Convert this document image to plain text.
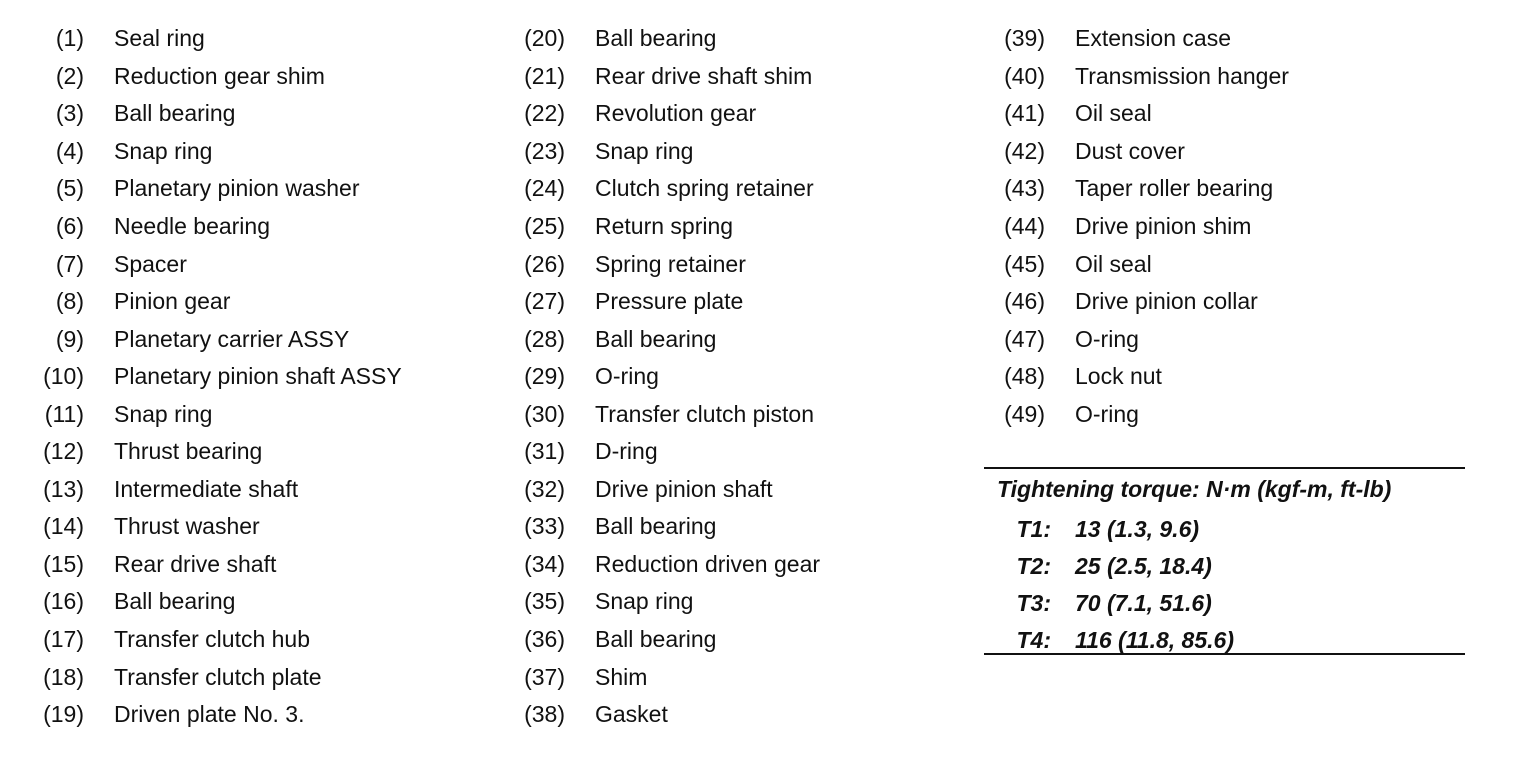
(1) Seal ring
(2) Reduction gear shim
(3) Ball bearing
(4) Snap ring
(5) Planetary pinion washer
(6) Needle bearing
(7) Spacer
(8) Pinion gear
(9) Planetary carrier ASSY
(10) Planetary pinion shaft ASSY
(11) Snap ring
(12) Thrust bearing
(13) Intermediate shaft
(14) Thrust washer
(15) Rear drive shaft
(16) Ball bearing
(17) Transfer clutch hub
(18) Transfer clutch plate
(19) Driven plate No. 3.
(20) Ball bearing
(21) Rear drive shaft shim
(22) Revolution gear
(23) Snap ring
(24) Clutch spring retainer
(25) Return spring
(26) Spring retainer
(27) Pressure plate
(28) Ball bearing
(29) O-ring
(30) Transfer clutch piston
(31) D-ring
(32) Drive pinion shaft
(33) Ball bearing
(34) Reduction driven gear
(35) Snap ring
(36) Ball bearing
(37) Shim
(38) Gasket
(39) Extension case
(40) Transmission hanger
(41) Oil seal
(42) Dust cover
(43) Taper roller bearing
(44) Drive pinion shim
(45) Oil seal
(46) Drive pinion collar
(47) O-ring
(48) Lock nut
(49) O-ring
Tightening torque: N·m (kgf-m, ft-lb)
T1: 13 (1.3, 9.6)
T2: 25 (2.5, 18.4)
T3: 70 (7.1, 51.6)
T4: 116 (11.8, 85.6)
